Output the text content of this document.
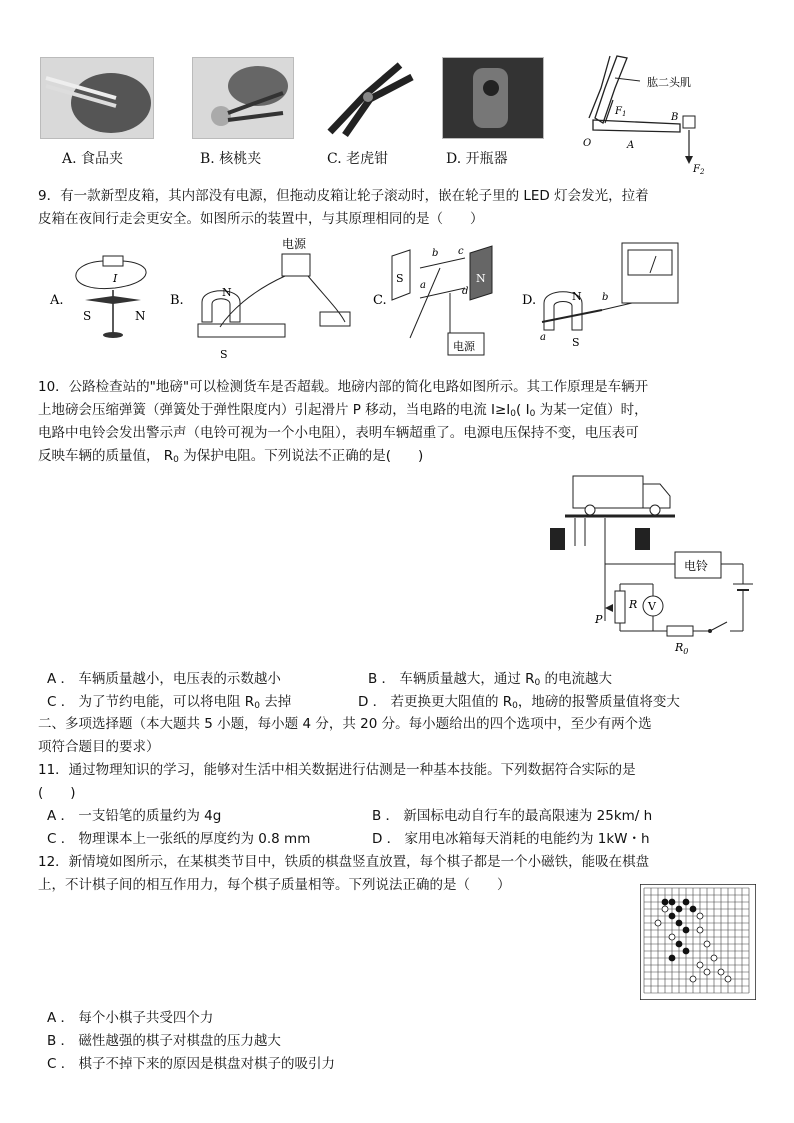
肱二头肌
$F_1$
O	A
B
$F_2$
A. 食品夹	B. 核桃夹	C. 老虎钳	D. 开瓶器
9．有一款新型皮箱，其内部没有电源，但拖动皮箱让轮子滚动时，嵌在轮子里的 LED 灯会发光，拉着
皮箱在夜间行走会更安全。如图所示的装置中，与其原理相同的是（　　）
A.
I
S	N
B.
电源
N
S
C.
S	N
b c
a
d
电源
D.	N
S
a
b
10．公路检查站的"地磅"可以检测货车是否超载。地磅内部的简化电路如图所示。其工作原理是车辆开
上地磅会压缩弹簧（弹簧处于弹性限度内）引起滑片 P 移动，当电路的电流 $I\ge I_0$( $I_0$ 为某一定值）时，
电路中电铃会发出警示声（电铃可视为一个小电阻），表明车辆超重了。电源电压保持不变，电压表可
反映车辆的质量值， $R_0$ 为保护电阻。下列说法不正确的是(　　)
电铃
R
P
V
$R_0$
A ． 车辆质量越小，电压表的示数越小	B ． 车辆质量越大，通过 $R_0$ 的电流越大
C ． 为了节约电能，可以将电阻 $R_0$ 去掉	D ． 若更换更大阻值的 $R_0$，地磅的报警质量值将变大
二、多项选择题（本大题共 5 小题，每小题 4 分，共 20 分。每小题给出的四个选项中，至少有两个选
项符合题目的要求）
11．通过物理知识的学习，能够对生活中相关数据进行估测是一种基本技能。下列数据符合实际的是
(　　)
A ． 一支铅笔的质量约为 4g	B ． 新国标电动自行车的最高限速为 25km/ h
C ． 物理课本上一张纸的厚度约为 0.8 mm	D ． 家用电冰箱每天消耗的电能约为 1kW・h
12．新情境如图所示，在某棋类节目中，铁质的棋盘竖直放置，每个棋子都是一个小磁铁，能吸在棋盘
上，不计棋子间的相互作用力，每个棋子质量相等。下列说法正确的是（　　）
A ． 每个小棋子共受四个力
B ． 磁性越强的棋子对棋盘的压力越大
C ． 棋子不掉下来的原因是棋盘对棋子的吸引力
